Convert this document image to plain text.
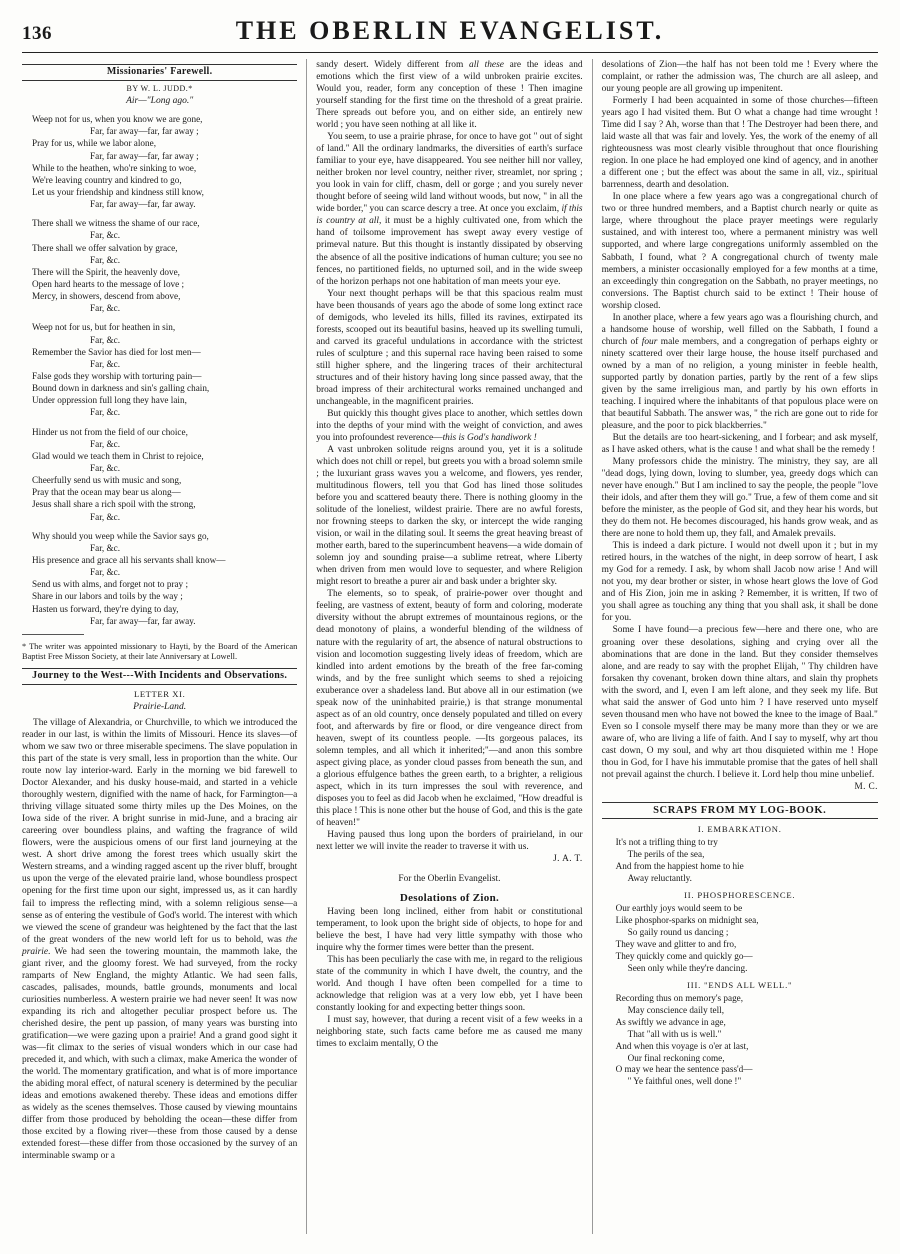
136	THE OBERLIN EVANGELIST.
Missionaries' Farewell.
BY W. L. JUDD.*
Air—"Long ago."
Weep not for us, when you know we are gone,
Far, far away—far, far away ;
Pray for us, while we labor alone,
Far, far away—far, far away ;
While to the heathen, who're sinking to woe,
We're leaving country and kindred to go,
Let us your friendship and kindness still know,
Far, far away—far, far away.
There shall we witness the shame of our race,
Far, &c.
There shall we offer salvation by grace,
Far, &c.
There will the Spirit, the heavenly dove,
Open hard hearts to the message of love ;
Mercy, in showers, descend from above,
Far, &c.
Weep not for us, but for heathen in sin,
Far, &c.
Remember the Savior has died for lost men—
Far, &c.
False gods they worship with torturing pain—
Bound down in darkness and sin's galling chain,
Under oppression full long they have lain,
Far, &c.
Hinder us not from the field of our choice,
Far, &c.
Glad would we teach them in Christ to rejoice,
Far, &c.
Cheerfully send us with music and song,
Pray that the ocean may bear us along—
Jesus shall share a rich spoil with the strong,
Far, &c.
Why should you weep while the Savior says go,
Far, &c.
His presence and grace all his servants shall know—
Far, &c.
Send us with alms, and forget not to pray ;
Share in our labors and toils by the way ;
Hasten us forward, they're dying to day,
Far, far away—far, far away.
* The writer was appointed missionary to Hayti, by the Board of the American Baptist Free Misson Society, at their late Anniversary at Lowell.
Journey to the West---With Incidents and Observations.
LETTER XI.
Prairie-Land.

The village of Alexandria, or Churchville, to which we introduced the reader in our last, is within the limits of Missouri. Hence its slaves—of whom we saw two or three miserable specimens. The slave population in this part of the state is very small, less in proportion than the white. Our route now lay interior-ward. Early in the morning we bid farewell to Doctor Alexander, and his dusky house-maid, and started in a vehicle thoroughly western, dignified with the name of hack, for Farmington—a thriving village situated some thirty miles up the Des Moines, on the Iowa side of the river. A bright sunrise in mid-June, and a bracing air careering over boundless plains, and wafting the fragrance of wild flowers, were the auspicious omens of our first land journeying at the west. A short drive among the forest trees which usually skirt the Western streams, and a winding ragged ascent up the river bluff, brought us upon the verge of the elevated prairie land, whose boundless prospect opening for the first time upon our sight, impressed us, as it can hardly fail to impress the reflecting mind, with a solemn religious sense—a sense as of entering the vestibule of God's world. The interest with which we viewed the scene of grandeur was heightened by the fact that the last of the great wonders of the new world left for us to behold, was the prairie. We had seen the towering mountain, the mammoth lake, the giant river, and the gloomy forest. We had surveyed, from the rocky ramparts of New England, the mighty Atlantic. We had seen falls, cascades, palisades, mounds, battle grounds, monuments and local curiosities numberless. A western prairie we had never seen! It was now expanding its rich and altogether peculiar prospect before us. The cherished desire, the pent up passion, of many years was bursting into gratification—we were gazing upon a prairie! And a grand good sight it was—fit climax to the series of visual wonders which in our case had preceded it, and which, with such a climax, make America the wonder of the world. The momentary gratification, and what is of more importance the abiding moral effect, of natural scenery is determined by the peculiar ideas and emotions awakened thereby. These ideas and emotions differ as widely as the scenes themselves. Those caused by viewing mountains differ from those produced by beholding the ocean—these differ from those excited by a flowing river—these from those caused by a dense extended forest—these differ from those occasioned by the survey of an interminable swamp or a

sandy desert. Widely different from all these are the ideas and emotions which the first view of a wild unbroken prairie excites. Would you, reader, form any conception of these ! Then imagine yourself standing for the first time on the threshold of a great prairie. There spreads out before you, and on either side, an entirely new world ; you have seen nothing at all like it.

You seem, to use a prairie phrase, for once to have got " out of sight of land." All the ordinary landmarks, the diversities of earth's surface familiar to your eye, have disappeared. You see neither hill nor valley, neither broken nor level country, neither river, streamlet, nor spring ; you look in vain for cliff, chasm, dell or gorge ; and you surely never thought before of seeing wild land without woods, but now, " in all the wide border," you can scarce descry a tree. At once you exclaim, if this is country at all, it must be a highly cultivated one, from which the hand of toilsome improvement has swept away every vestige of primeval nature. But this thought is instantly dissipated by observing the absence of all the positive indications of human culture; you see no fences, no partitioned fields, no upturned soil, and in the wide sweep of the horizon perhaps not one habitation of man meets your eye.

Your next thought perhaps will be that this spacious realm must have been thousands of years ago the abode of some long extinct race of demigods, who leveled its hills, filled its ravines, extirpated its forests, scooped out its beautiful basins, heaved up its swelling tumuli, and carved its graceful undulations in accordance with the strictest rules of sculpture ; and this supernal race having been raised to some still higher sphere, and the lingering traces of their architectural structures and of their history having long since passed away, that the broad impress of their architectural works remained unchanged and unchangeable, in the magnificent prairies.

But quickly this thought gives place to another, which settles down into the depths of your mind with the weight of conviction, and awes you into profoundest reverence—this is God's handiwork !

A vast unbroken solitude reigns around you, yet it is a solitude which does not chill or repel, but greets you with a broad solemn smile ; the luxuriant grass waves you a welcome, and flowers, yes render, multitudinous flowers, tell you that God has lined those solitudes before you and scattered beauty there. There is nothing gloomy in the solitude of the loneliest, wildest prairie. There are no awful forests, nor frowning steeps to darken the sky, or intercept the wide ranging vision, or wail in the dilating soul. It seems the great heaving breast of mother earth, bared to the superincumbent heavens—a wide domain of solemn joy and sounding praise—a sublime retreat, where Liberty when driven from men would love to sequester, and where Religion might resort to breathe a purer air and bask under a brighter sky.

The elements, so to speak, of prairie-power over thought and feeling, are vastness of extent, beauty of form and coloring, moderate diversity without the abrupt extremes of mountainous regions, or the dead monotony of plains, a wonderful blending of the wildness of nature with the regularity of art, the absence of natural obstructions to vision and locomotion suggesting lively ideas of freedom, which are kindled into ardent emotions by the breath of the free far-coming winds, and by the free sunlight which seems to shed a rejoicing exuberance over a shadeless land. But above all in our estimation (we speak now of the uninhabited prairie,) is that strange monumental aspect as of an old country, once densely populated and tilled on every foot, and afterwards by fire or flood, or dire vengeance direct from heaven, swept of its countless people. —Its gorgeous palaces, its solemn temples, and all which it inherited;"—and anon this sombre aspect giving place, as yonder cloud passes from beneath the sun, and a glorious effulgence bathes the green earth, to a brighter, a religious aspect, which in its turn impresses the soul with reverence, and disposes you to feel as did Jacob when he exclaimed, "How dreadful is this place ! This is none other but the house of God, and this is the gate of heaven!"

Having paused thus long upon the borders of prairieland, in our next letter we will invite the reader to traverse it with us.

J. A. T.
For the Oberlin Evangelist.
Desolations of Zion.

Having been long inclined, either from habit or constitutional temperament, to look upon the bright side of objects, to hope for and believe the best, I have had very little sympathy with those who inquire why the former times were better than the present.

This has been peculiarly the case with me, in regard to the religious state of the community in which I have dwelt, the country, and the world. And though I have often been compelled for a time to acknowledge that religion was at a very low ebb, yet I have been constantly looking for and expecting better things soon.

I must say, however, that during a recent visit of a few weeks in a neighboring state, such facts came before me as caused me many times to exclaim mentally, O the

desolations of Zion—the half has not been told me ! Every where the complaint, or rather the admission was, The church are all asleep, and our young people are all growing up impenitent.

Formerly I had been acquainted in some of those churches—fifteen years ago I had visited them. But O what a change had time wrought ! Time did I say ? Ah, worse than that ! The Destroyer had been there, and laid waste all that was fair and lovely. Yes, the work of the enemy of all righteousness was most clearly visible throughout that once flourishing region. In one place he had employed one kind of agency, and in another a different one ; but the effect was about the same in all, viz., spiritual barrenness, dearth and desolation.

In one place where a few years ago was a congregational church of two or three hundred members, and a Baptist church nearly or quite as large, where throughout the place prayer meetings were regularly sustained, and with interest too, where a permanent ministry was well supported, and where large congregations uniformly assembled on the Sabbath, I found, what ? A congregational church of twenty male members, a minister occasionally employed for a few months at a time, an exceedingly thin congregation on the Sabbath, no prayer meetings, no conversions. The Baptist church said to be extinct ! Their house of worship closed.

In another place, where a few years ago was a flourishing church, and a handsome house of worship, well filled on the Sabbath, I found a church of four male members, and a congregation of perhaps eighty or ninety scattered over their large house, the house itself purchased and owned by a man of no religion, a young minister in feeble health, supported partly by donation parties, partly by the rent of a few slips given by the same irreligious man, and partly by his own efforts in teaching. I inquired where the inhabitants of that populous place were on that beautiful Sabbath. The answer was, " the rich are gone out to ride for pleasure, and the poor to pick blackberries."

But the details are too heart-sickening, and I forbear; and ask myself, as I have asked others, what is the cause ! and what shall be the remedy !

Many professors chide the ministry. The ministry, they say, are all "dead dogs, lying down, loving to slumber, yea, greedy dogs which can never have enough." But I am inclined to say the people, the people "love their idols, and after them they will go." True, a few of them come and sit before the minister, as the people of God sit, and they hear his words, but they do them not. He becomes discouraged, his hands grow weak, and as there are none to hold them up, they fall, and Amalek prevails.

This is indeed a dark picture. I would not dwell upon it ; but in my retired hours, in the watches of the night, in deep sorrow of heart, I ask my God for a remedy. I ask, by whom shall Jacob now arise ! And will not you, my dear brother or sister, in whose heart glows the love of God and of His Zion, join me in asking ? Remember, it is written, If two of you shall agree as touching any thing that you shall ask, it shall be done for you.

Some I have found—a precious few—here and there one, who are groaning over these desolations, sighing and crying over all the abominations that are done in the land. But they consider themselves alone, and are ready to say with the prophet Elijah, " Thy children have forsaken thy covenant, broken down thine altars, and slain thy prophets with the sword, and I, even I am left alone, and they seek my life. But what said the answer of God unto him ? I have reserved unto myself seven thousand men who have not bowed the knee to the image of Baal." Even so I console myself there may be many more than they or we are aware of, who are living a life of faith. And I say to myself, why art thou cast down, O my soul, and why art thou disquieted within me ! Hope thou in God, for I have his immutable promise that the gates of hell shall not prevail against the church. I believe it. Lord help thou mine unbelief.

M. C.
SCRAPS FROM MY LOG-BOOK.
I. EMBARKATION.
It's not a trifling thing to try
The perils of the sea,
And from the happiest home to hie
Away reluctantly.
II. PHOSPHORESCENCE.
Our earthly joys would seem to be
Like phosphor-sparks on midnight sea,
So gaily round us dancing ;
They wave and glitter to and fro,
They quickly come and quickly go—
Seen only while they're dancing.
III. "ENDS ALL WELL."
Recording thus on memory's page,
May conscience daily tell,
As swiftly we advance in age,
That "all with us is well."
And when this voyage is o'er at last,
Our final reckoning come,
O may we hear the sentence pass'd—
" Ye faithful ones, well done !"
